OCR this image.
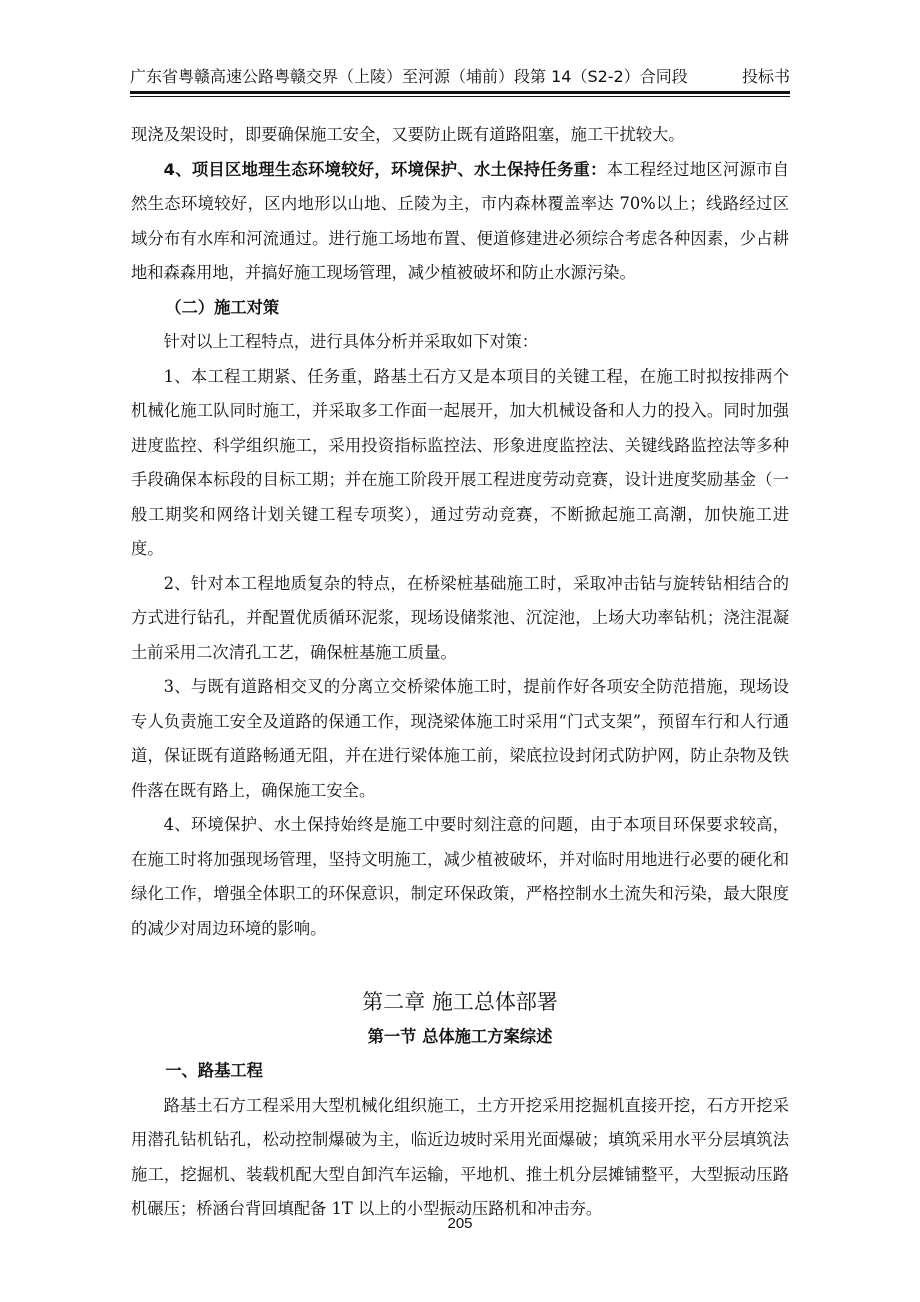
广东省粤赣高速公路粤赣交界（上陵）至河源（埔前）段第 14（S2-2）合同段	投标书

现浇及架设时，即要确保施工安全，又要防止既有道路阻塞，施工干扰较大。

4、项目区地理生态环境较好，环境保护、水土保持任务重：本工程经过地区河源市自然生态环境较好，区内地形以山地、丘陵为主，市内森林覆盖率达 70%以上；线路经过区域分布有水库和河流通过。进行施工场地布置、便道修建进必须综合考虑各种因素，少占耕地和森森用地，并搞好施工现场管理，减少植被破坏和防止水源污染。

（二）施工对策

针对以上工程特点，进行具体分析并采取如下对策：

1、本工程工期紧、任务重，路基土石方又是本项目的关键工程，在施工时拟按排两个机械化施工队同时施工，并采取多工作面一起展开，加大机械设备和人力的投入。同时加强进度监控、科学组织施工，采用投资指标监控法、形象进度监控法、关键线路监控法等多种手段确保本标段的目标工期；并在施工阶段开展工程进度劳动竞赛，设计进度奖励基金（一般工期奖和网络计划关键工程专项奖），通过劳动竞赛，不断掀起施工高潮，加快施工进度。

2、针对本工程地质复杂的特点，在桥梁桩基础施工时，采取冲击钻与旋转钻相结合的方式进行钻孔，并配置优质循环泥浆，现场设储浆池、沉淀池，上场大功率钻机；浇注混凝土前采用二次清孔工艺，确保桩基施工质量。

3、与既有道路相交叉的分离立交桥梁体施工时，提前作好各项安全防范措施，现场设专人负责施工安全及道路的保通工作，现浇梁体施工时采用“门式支架”，预留车行和人行通道，保证既有道路畅通无阻，并在进行梁体施工前，梁底拉设封闭式防护网，防止杂物及铁件落在既有路上，确保施工安全。

4、环境保护、水土保持始终是施工中要时刻注意的问题，由于本项目环保要求较高，在施工时将加强现场管理，坚持文明施工，减少植被破坏，并对临时用地进行必要的硬化和绿化工作，增强全体职工的环保意识，制定环保政策，严格控制水土流失和污染，最大限度的减少对周边环境的影响。

第二章 施工总体部署

第一节 总体施工方案综述

一、路基工程

路基土石方工程采用大型机械化组织施工，土方开挖采用挖掘机直接开挖，石方开挖采用潜孔钻机钻孔，松动控制爆破为主，临近边坡时采用光面爆破；填筑采用水平分层填筑法施工，挖掘机、装载机配大型自卸汽车运输，平地机、推土机分层摊铺整平，大型振动压路机碾压；桥涵台背回填配备 1T 以上的小型振动压路机和冲击夯。

205
